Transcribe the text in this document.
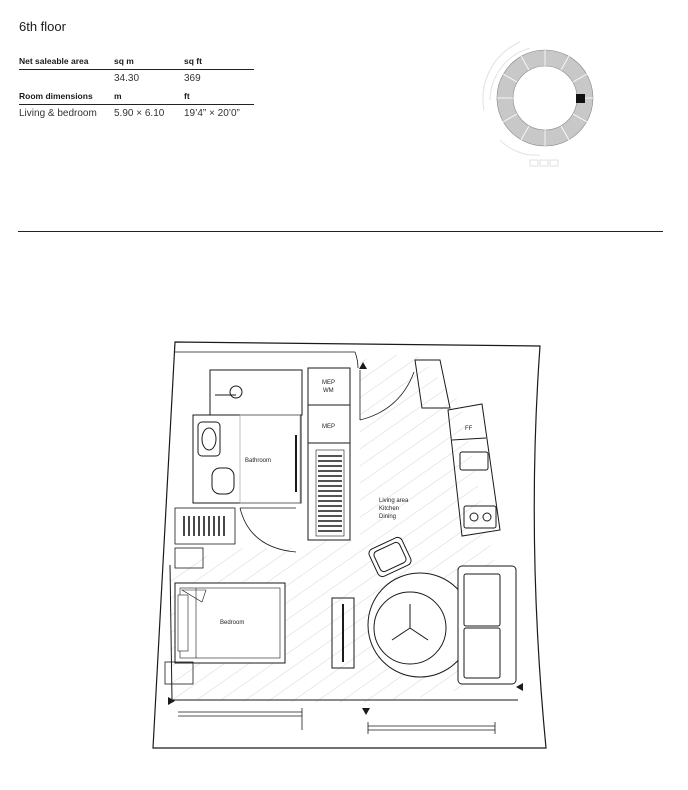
6th floor
Net saleable area	sq m	sq ft
	34.30	369
Room dimensions	m	ft
Living & bedroom	5.90 × 6.10	19’4” × 20’0”
Bathroom
MEP
WM
MEP	FF
Living area
Kitchen
Dining
Bedroom
